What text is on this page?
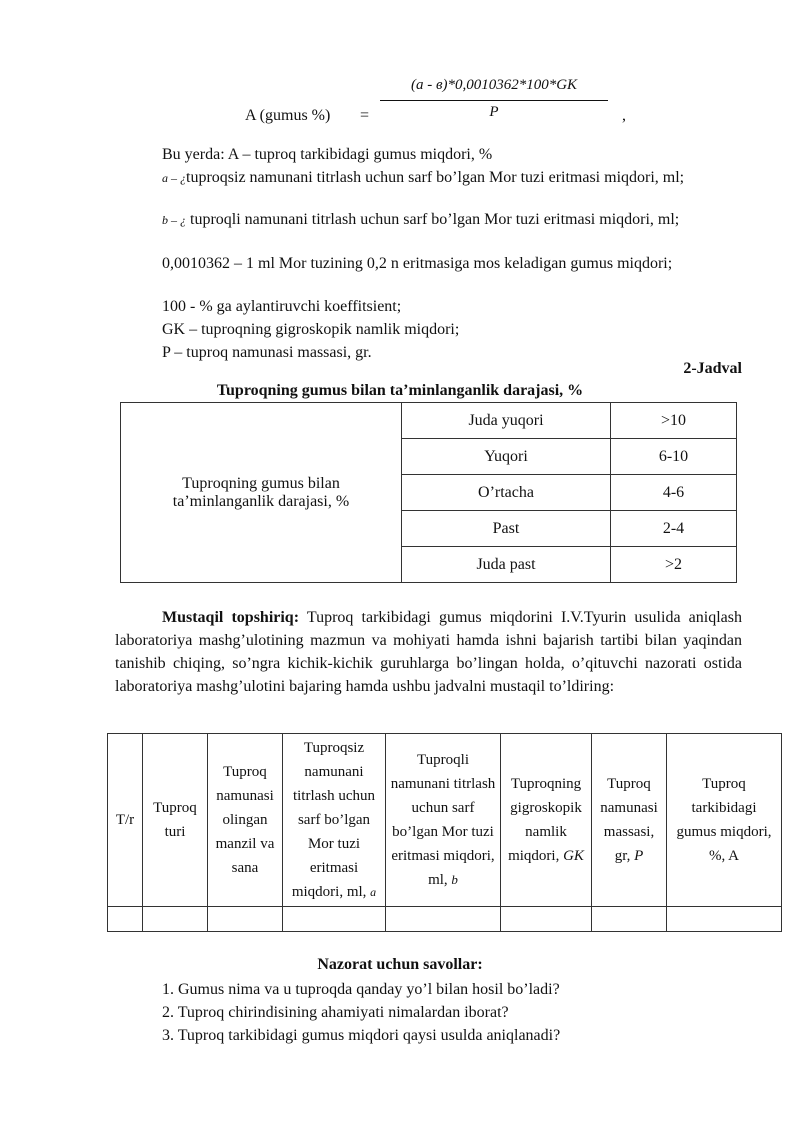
(a - в)*0,0010362*100*GK
P
A (gumus %) =	,
Bu yerda: A – tuproq tarkibidagi gumus miqdori, %
a – ¿tuproqsiz namunani titrlash uchun sarf bo’lgan Mor tuzi eritmasi miqdori, ml;
b – ¿ tuproqli namunani titrlash uchun sarf bo’lgan Mor tuzi eritmasi miqdori, ml;
0,0010362 – 1 ml Mor tuzining 0,2 n eritmasiga mos keladigan gumus miqdori;
100 - % ga aylantiruvchi koeffitsient;
GK – tuproqning gigroskopik namlik miqdori;
P – tuproq namunasi massasi, gr.
2-Jadval
Tuproqning gumus bilan ta’minlanganlik darajasi, %
Tuproqning gumus bilan ta’minlanganlik darajasi, %	Juda yuqori	>10
	Yuqori	6-10
	O’rtacha	4-6
	Past	2-4
	Juda past	>2
Mustaqil topshiriq: Tuproq tarkibidagi gumus miqdorini I.V.Tyurin usulida aniqlash laboratoriya mashg’ulotining mazmun va mohiyati hamda ishni bajarish tartibi bilan yaqindan tanishib chiqing, so’ngra kichik-kichik guruhlarga bo’lingan holda, o’qituvchi nazorati ostida laboratoriya mashg’ulotini bajaring hamda ushbu jadvalni mustaqil to’ldiring:
T/r	Tuproq turi	Tuproq namunasi olingan manzil va sana	Tuproqsiz namunani titrlash uchun sarf bo’lgan Mor tuzi eritmasi miqdori, ml, a	Tuproqli namunani titrlash uchun sarf bo’lgan Mor tuzi eritmasi miqdori, ml, b	Tuproqning gigroskopik namlik miqdori, GK	Tuproq namunasi massasi, gr, P	Tuproq tarkibidagi gumus miqdori, %, A

Nazorat uchun savollar:
1. Gumus nima va u tuproqda qanday yo’l bilan hosil bo’ladi?
2. Tuproq chirindisining ahamiyati nimalardan iborat?
3. Tuproq tarkibidagi gumus miqdori qaysi usulda aniqlanadi?
